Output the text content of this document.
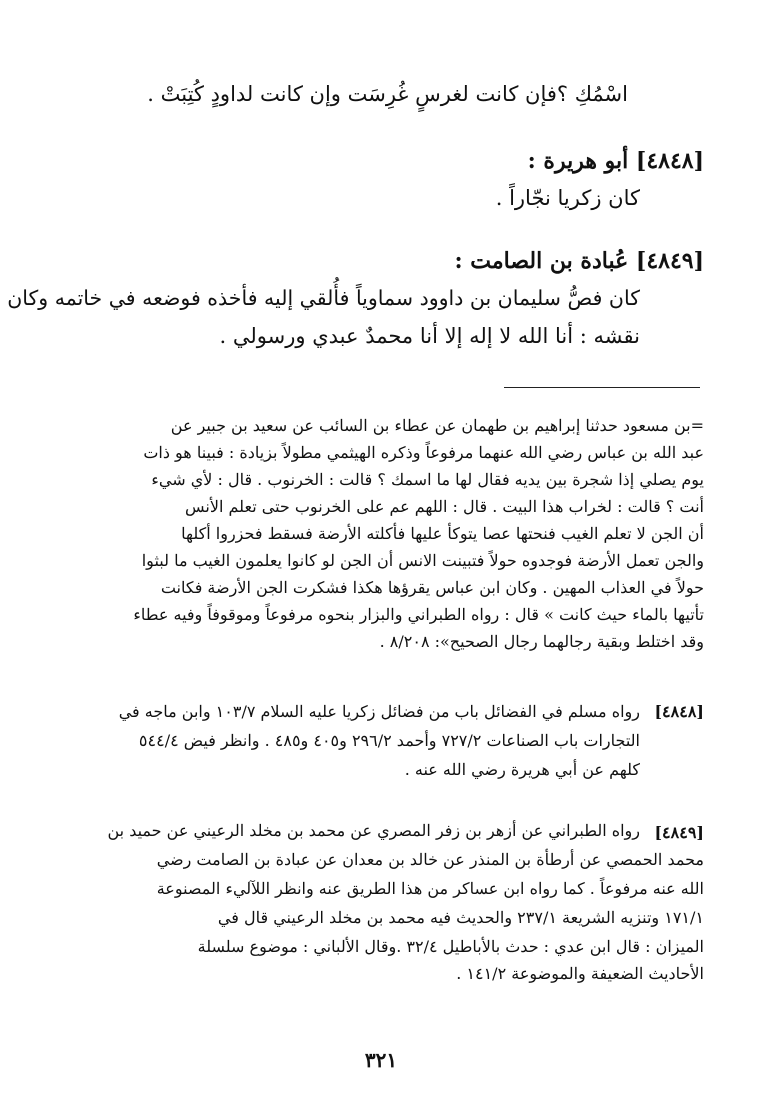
اسْمُكِ ؟فإن كانت لغرسٍ غُرِسَت وإن كانت لداودٍ كُتِبَتْ .
[٤٨٤٨] أبو هريرة :
كان زكريا نجّاراً .
[٤٨٤٩] عُبادة بن الصامت :
كان فصُّ سليمان بن داوود سماوياً فأُلقي إليه فأخذه فوضعه في خاتمه وكان
نقشه : أنا الله لا إله إلا أنا محمدٌ عبدي ورسولي .
=بن مسعود حدثنا إبراهيم بن طهمان عن عطاء بن السائب عن سعيد بن جبير عن
عبد الله بن عباس رضي الله عنهما مرفوعاً وذكره الهيثمي مطولاً بزيادة : فبينا هو ذات
يوم يصلي إذا شجرة بين يديه فقال لها ما اسمك ؟ قالت : الخرنوب . قال : لأي شيء
أنت ؟ قالت : لخراب هذا البيت . قال : اللهم عم على الخرنوب حتى تعلم الأنس
أن الجن لا تعلم الغيب فنحتها عصا يتوكأ عليها فأكلته الأرضة فسقط فحزروا أكلها
والجن تعمل الأرضة فوجدوه حولاً فتبينت الانس أن الجن لو كانوا يعلمون الغيب ما لبثوا
حولاً في العذاب المهين . وكان ابن عباس يقرؤها هكذا فشكرت الجن الأرضة فكانت
تأتيها بالماء حيث كانت » قال : رواه الطبراني والبزار بنحوه مرفوعاً وموقوفاً وفيه عطاء
وقد اختلط وبقية رجالهما رجال الصحيح»: ٨/٢٠٨ .
[٤٨٤٨]
رواه مسلم في الفضائل باب من فضائل زكريا عليه السلام ١٠٣/٧ وابن ماجه في
التجارات باب الصناعات ٧٢٧/٢ وأحمد ٢٩٦/٢ و٤٠٥ و٤٨٥ . وانظر فيض ٥٤٤/٤
كلهم عن أبي هريرة رضي الله عنه .
[٤٨٤٩]
رواه الطبراني عن أزهر بن زفر المصري عن محمد بن مخلد الرعيني عن حميد بن
محمد الحمصي عن أرطأة بن المنذر عن خالد بن معدان عن عبادة بن الصامت رضي
الله عنه مرفوعاً . كما رواه ابن عساكر من هذا الطريق عنه وانظر اللآليء المصنوعة
١٧١/١ وتنزيه الشريعة ٢٣٧/١ والحديث فيه محمد بن مخلد الرعيني قال في
الميزان : قال ابن عدي : حدث بالأباطيل ٣٢/٤ .وقال الألباني : موضوع سلسلة
الأحاديث الضعيفة والموضوعة ١٤١/٢ .
٣٢١
